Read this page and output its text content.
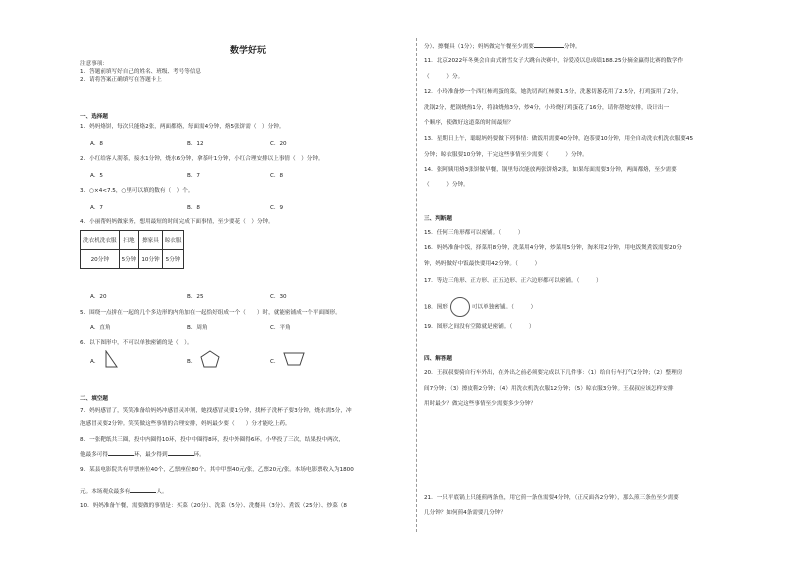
数学好玩
注意事项：
1．答题前填写好自己的姓名、班级、考号等信息
2．请将答案正确填写在答题卡上
一、选择题
1．妈妈烙饼，每次只能烙2张，两面都烙，每面需4分钟，烙5张饼需（　）分钟。
A．8	B．12	C．20
2．小红给客人沏茶，接水1分钟，烧水6分钟，拿茶叶1分钟，小红合理安排以上事情（　）分钟。
A．5	B．7	C．8
3．○×4<7.5，○里可以填的数有（　）个。
A．7	B．8	C．9
4．小丽帮妈妈做家务，想用最短的时间完成下面事情，至少要花（　）分钟。
洗衣机洗衣服	扫地	擦家具	晾衣服
20分钟	5分钟	10分钟	5分钟
A．20	B．25	C．30
5．围绕一点拼在一起的几个多边形的内角加在一起恰好组成一个（　　）时，就能密铺成一个平面图形。
A．直角	B．周角	C．平角
6．以下图形中，不可以单独密铺的是（　）。
A．	B．	C．
二、填空题
7．妈妈感冒了，笑笑准备给妈妈冲感冒灵冲剂，她找感冒灵要1分钟，找杯子洗杯子要3分钟，烧水需5分，冲
泡感冒灵要2分钟。笑笑做这些事情的合理安排，妈妈最少要（　　）分才能吃上药。
8．一张靶纸共三圈，投中内圈得10环，投中中圈得8环，投中外圈得6环。小华投了三次，结果投中两次，
他最多可得	环，最少得到	环。
9．某县电影院共有甲票座位40个，乙票座位80个。其中甲票40元/张，乙票20元/张。本场电影票收入为1800
元。本场观众最多有	人。
10．妈妈准备午餐，需要做的事情是：买菜（20分）、洗菜（5分）、洗餐具（3分）、煮饭（25分）、炒菜（8
分）、擦餐具（1分）；妈妈做完午餐至少需要	分钟。
11．北京2022年冬奥会自由式滑雪女子大跳台决赛中，谷爱凌以总成绩188.25分摘金赢得比赛的数学作
（　　　）分。
12．小玲准备炒一个西红柿鸡蛋的菜，她洗切西红柿要1.5分，洗葱切葱花用了2.5分，打鸡蛋用了2分，
洗锅2分，把锅烧热1分，将油烧热3分，炒4分，小玲烧打鸡蛋花了16分，请你帮她安排，设计出一
个顺序，使做好这道菜的时间最短？
13．星期日上午，聪聪妈妈要做下列事情：做饭用需要40分钟，泡茶要10分钟，用全自动洗衣机洗衣服要45
分钟；晾衣服要10分钟，干完这些事情至少需要（　　　）分钟。
14．张阿姨用烙3张饼做早餐，锅里每次能放两张饼烙2张，如果每面需要3分钟，两面都烙，至少需要
（　　　）分钟。
三、判断题
15．任何三角形都可以密铺。（　　　）
16．妈妈准备中饭，择菜用8分钟，洗菜用4分钟，炒菜用5分钟，淘米用2分钟，用电饭煲煮饭需要20分
钟，妈妈做好中饭最快要用42分钟。（　　　）
17．等边三角形、正方形、正五边形、正六边形都可以密铺。（　　　）
18．图形	可以单独密铺。（　　　）
19．图形之间没有空隙就是密铺。（　　　）
四、解答题
20．王叔叔要骑自行车外出，在外出之前必须要完成以下几件事：（1）给自行车打气2分钟；（2）整理房
间7分钟；（3）擦皮鞋2分钟；（4）用洗衣机洗衣服12分钟；（5）晾衣服3分钟。王叔叔应该怎样安排
用时最少？做完这些事情至少需要多少分钟？
21．一只平底锅上只能煎两条鱼，用它煎一条鱼需要4分钟，（正反面各2分钟），那么煎三条鱼至少需要
几分钟？如何煎4条需要几分钟？
